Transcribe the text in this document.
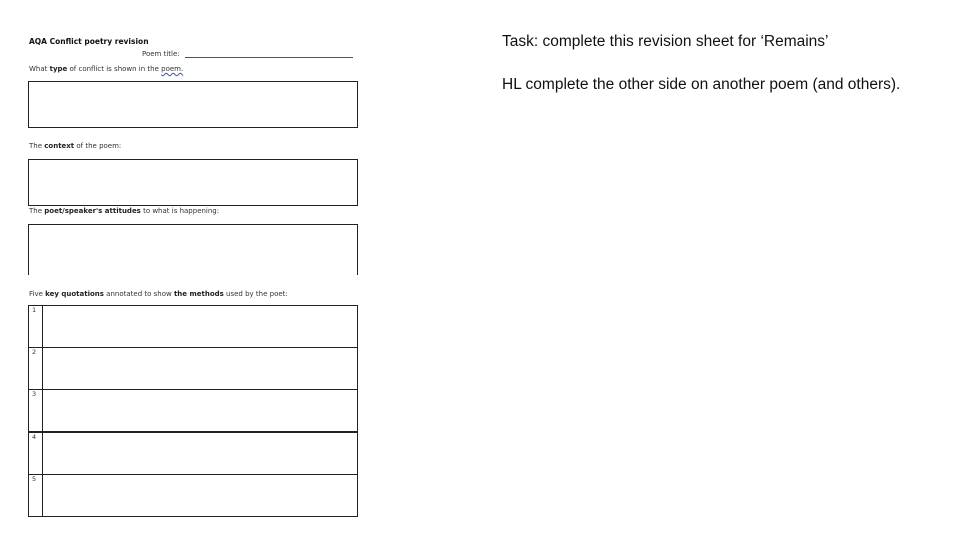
AQA Conflict poetry revision
Poem title:
What type of conflict is shown in the poem.
The context of the poem:
The poet/speaker's attitudes to what is happening:
Five key quotations annotated to show the methods used by the poet:
1
2
3
4
5
Task: complete this revision sheet for ‘Remains’
HL complete the other side on another poem (and others).
